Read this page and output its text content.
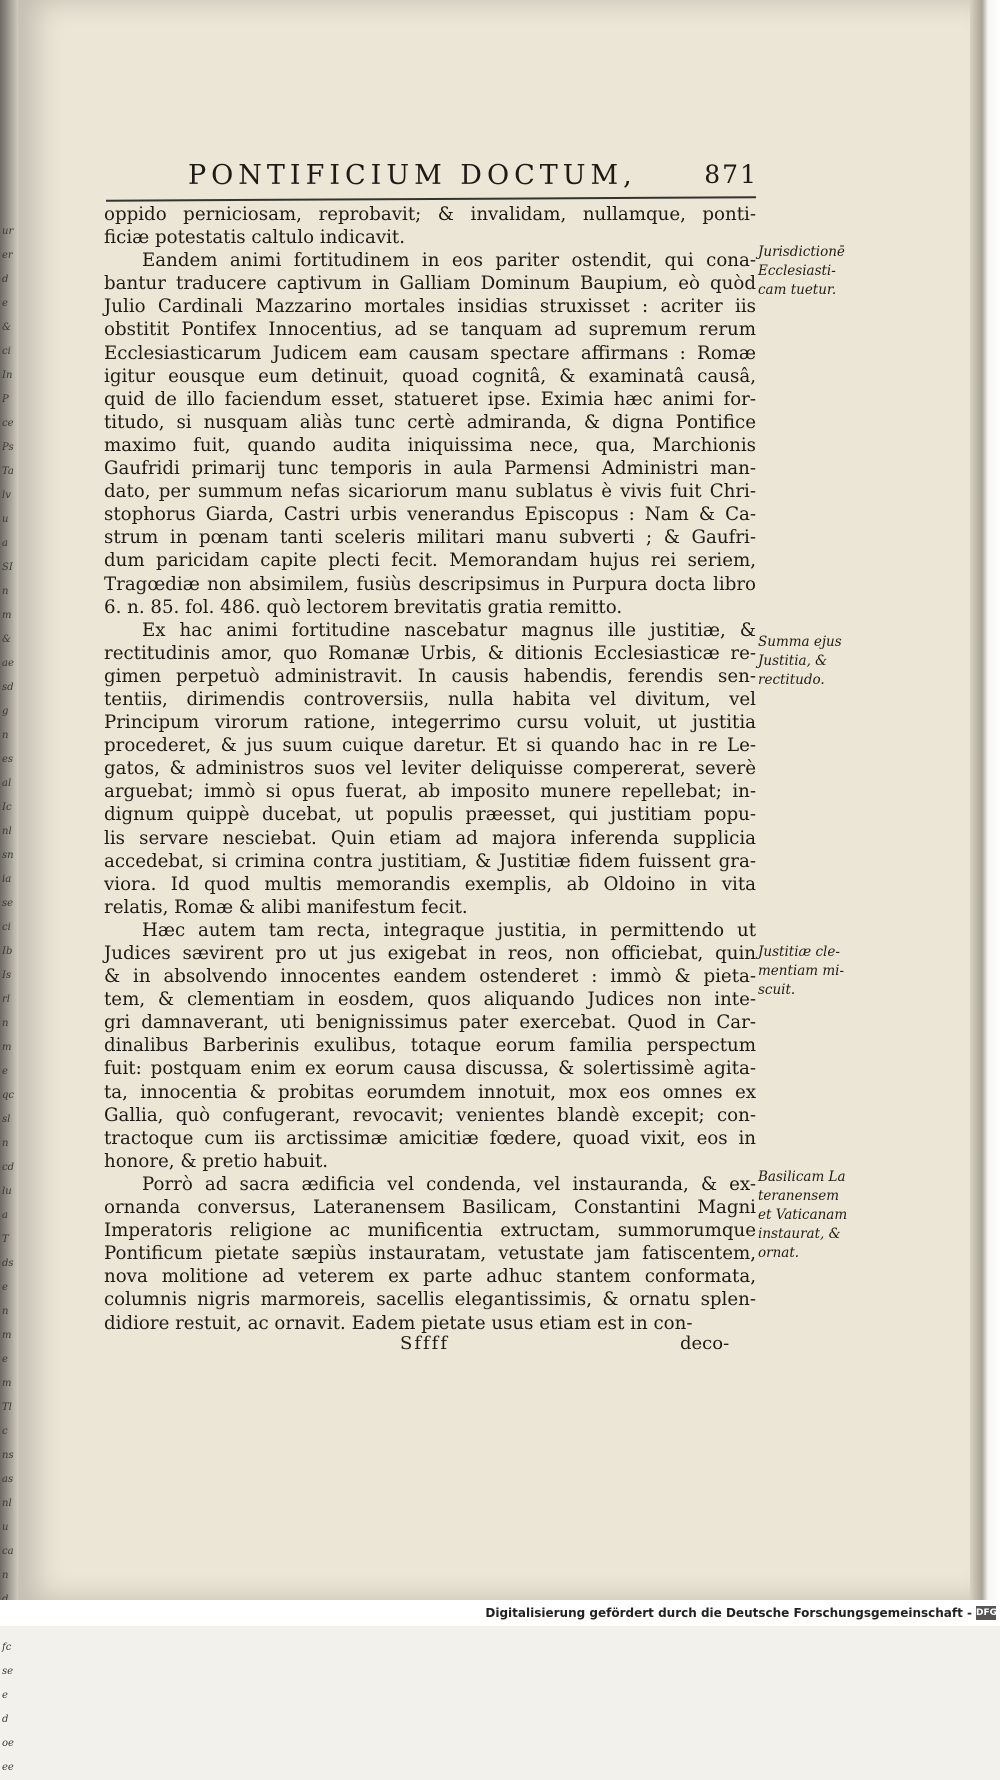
urerde&ciInPcePsTalvuaSInm&aesdgnesalIcnlsniaseciIbIsrlnmeqcslncdluaTdsenmemTlcnsasnlucan fcseedoeee
PONTIFICIUM DOCTUM,	871
oppido perniciosam, reprobavit; & invalidam, nullamque, ponti-
ficiæ potestatis caltulo indicavit.
Eandem animi fortitudinem in eos pariter ostendit, qui cona-
bantur traducere captivum in Galliam Dominum Baupium, eò quòd
Julio Cardinali Mazzarino mortales insidias struxisset : acriter iis
obstitit Pontifex Innocentius, ad se tanquam ad supremum rerum
Ecclesiasticarum Judicem eam causam spectare affirmans : Romæ
igitur eousque eum detinuit, quoad cognitâ, & examinatâ causâ,
quid de illo faciendum esset, statueret ipse. Eximia hæc animi for-
titudo, si nusquam aliàs tunc certè admiranda, & digna Pontifice
maximo fuit, quando audita iniquissima nece, qua, Marchionis
Gaufridi primarij tunc temporis in aula Parmensi Administri man-
dato, per summum nefas sicariorum manu sublatus è vivis fuit Chri-
stophorus Giarda, Castri urbis venerandus Episcopus : Nam & Ca-
strum in pœnam tanti sceleris militari manu subverti ; & Gaufri-
dum paricidam capite plecti fecit. Memorandam hujus rei seriem,
Tragœdiæ non absimilem, fusiùs descripsimus in Purpura docta libro
6. n. 85. fol. 486. quò lectorem brevitatis gratia remitto.
Ex hac animi fortitudine nascebatur magnus ille justitiæ, &
rectitudinis amor, quo Romanæ Urbis, & ditionis Ecclesiasticæ re-
gimen perpetuò administravit. In causis habendis, ferendis sen-
tentiis, dirimendis controversiis, nulla habita vel divitum, vel
Principum virorum ratione, integerrimo cursu voluit, ut justitia
procederet, & jus suum cuique daretur. Et si quando hac in re Le-
gatos, & administros suos vel leviter deliquisse compererat, severè
arguebat; immò si opus fuerat, ab imposito munere repellebat; in-
dignum quippè ducebat, ut populis præesset, qui justitiam popu-
lis servare nesciebat. Quin etiam ad majora inferenda supplicia
accedebat, si crimina contra justitiam, & Justitiæ fidem fuissent gra-
viora. Id quod multis memorandis exemplis, ab Oldoino in vita
relatis, Romæ & alibi manifestum fecit.
Hæc autem tam recta, integraque justitia, in permittendo ut
Judices sævirent pro ut jus exigebat in reos, non officiebat, quin
& in absolvendo innocentes eandem ostenderet : immò & pieta-
tem, & clementiam in eosdem, quos aliquando Judices non inte-
gri damnaverant, uti benignissimus pater exercebat. Quod in Car-
dinalibus Barberinis exulibus, totaque eorum familia perspectum
fuit: postquam enim ex eorum causa discussa, & solertissimè agita-
ta, innocentia & probitas eorumdem innotuit, mox eos omnes ex
Gallia, quò confugerant, revocavit; venientes blandè excepit; con-
tractoque cum iis arctissimæ amicitiæ fœdere, quoad vixit, eos in
honore, & pretio habuit.
Porrò ad sacra ædificia vel condenda, vel instauranda, & ex-
ornanda conversus, Lateranensem Basilicam, Constantini Magni
Imperatoris religione ac munificentia extructam, summorumque
Pontificum pietate sæpiùs instauratam, vetustate jam fatiscentem,
nova molitione ad veterem ex parte adhuc stantem conformata,
columnis nigris marmoreis, sacellis elegantissimis, & ornatu splen-
didiore restuit, ac ornavit. Eadem pietate usus etiam est in con-
Jurisdictionē
Ecclesiasti-
cam tuetur.
Summa ejus
Justitia, &
rectitudo.
Justitiæ cle-
mentiam mi-
scuit.
Basilicam La
teranensem
et Vaticanam
instaurat, &
ornat.
Sffff	deco-
Digitalisierung gefördert durch die Deutsche Forschungsgemeinschaft - DFG
